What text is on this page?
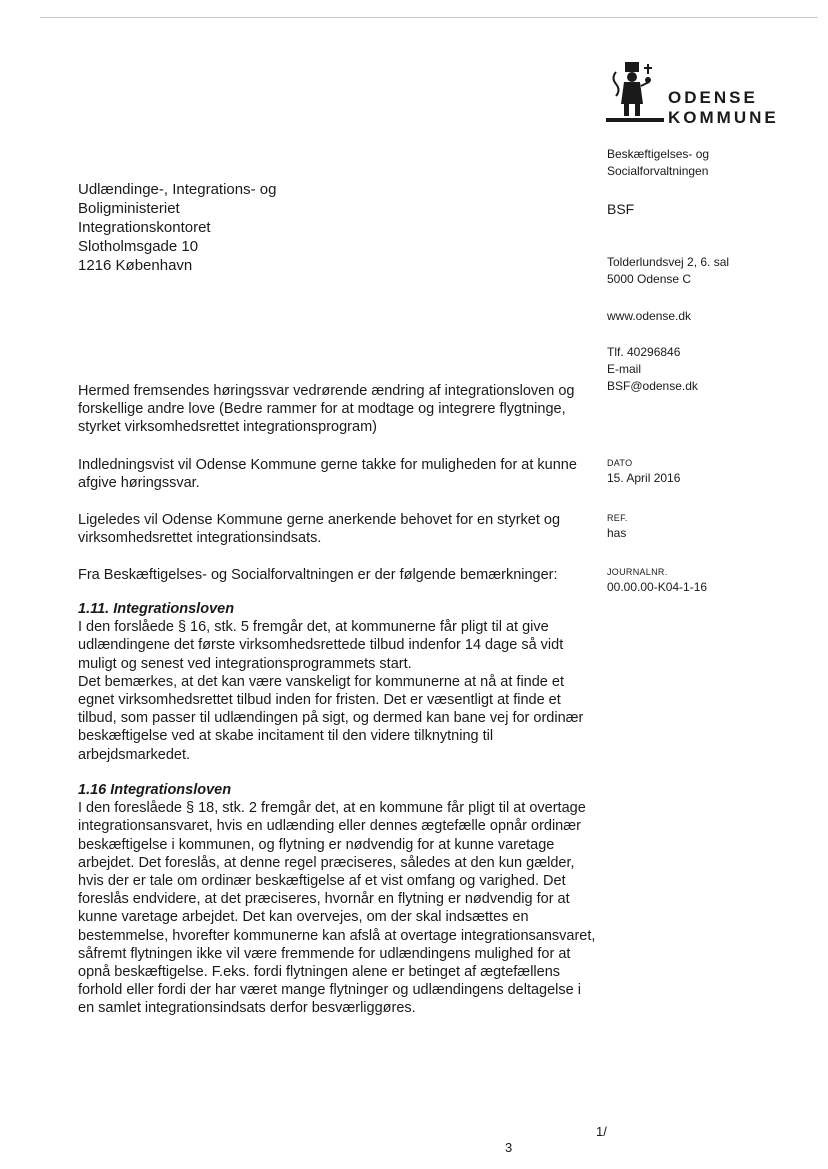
ODENSE
KOMMUNE
Udlændinge-, Integrations- og
Boligministeriet
Integrationskontoret
Slotholmsgade 10
1216 København
Beskæftigelses- og
Socialforvaltningen
BSF
Tolderlundsvej 2, 6. sal
5000 Odense C
www.odense.dk
Tlf. 40296846
E-mail
BSF@odense.dk
DATO
15. April 2016
REF.
has
JOURNALNR.
00.00.00-K04-1-16

Hermed fremsendes høringssvar vedrørende ændring af integrationsloven og forskellige andre love (Bedre rammer for at modtage og integrere flygtninge, styrket virksomhedsrettet integrationsprogram)

Indledningsvist vil Odense Kommune gerne takke for muligheden for at kunne afgive høringssvar.

Ligeledes vil Odense Kommune gerne anerkende behovet for en styrket og virksomhedsrettet integrationsindsats.

Fra Beskæftigelses- og Socialforvaltningen er der følgende bemærkninger:

1.11. Integrationsloven

I den forslåede § 16, stk. 5 fremgår det, at kommunerne får pligt til at give udlændingene det første virksomhedsrettede tilbud indenfor 14 dage så vidt muligt og senest ved integrationsprogrammets start.

Det bemærkes, at det kan være vanskeligt for kommunerne at nå at finde et egnet virksomhedsrettet tilbud inden for fristen. Det er væsentligt at finde et tilbud, som passer til udlændingen på sigt, og dermed kan bane vej for ordinær beskæftigelse ved at skabe incitament til den videre tilknytning til arbejdsmarkedet.

1.16 Integrationsloven

I den foreslåede § 18, stk. 2 fremgår det, at en kommune får pligt til at overtage integrationsansvaret, hvis en udlænding eller dennes ægtefælle opnår ordinær beskæftigelse i kommunen, og flytning er nødvendig for at kunne varetage arbejdet. Det foreslås, at denne regel præciseres, således at den kun gælder, hvis der er tale om ordinær beskæftigelse af et vist omfang og varighed. Det foreslås endvidere, at det præciseres, hvornår en flytning er nødvendig for at kunne varetage arbejdet. Det kan overvejes, om der skal indsættes en bestemmelse, hvorefter kommunerne kan afslå at overtage integrationsansvaret, såfremt flytningen ikke vil være fremmende for udlændingens mulighed for at opnå beskæftigelse. F.eks. fordi flytningen alene er betinget af ægtefællens forhold eller fordi der har været mange flytninger og udlændingens deltagelse i en samlet integrationsindsats derfor besværliggøres.

1/
3
